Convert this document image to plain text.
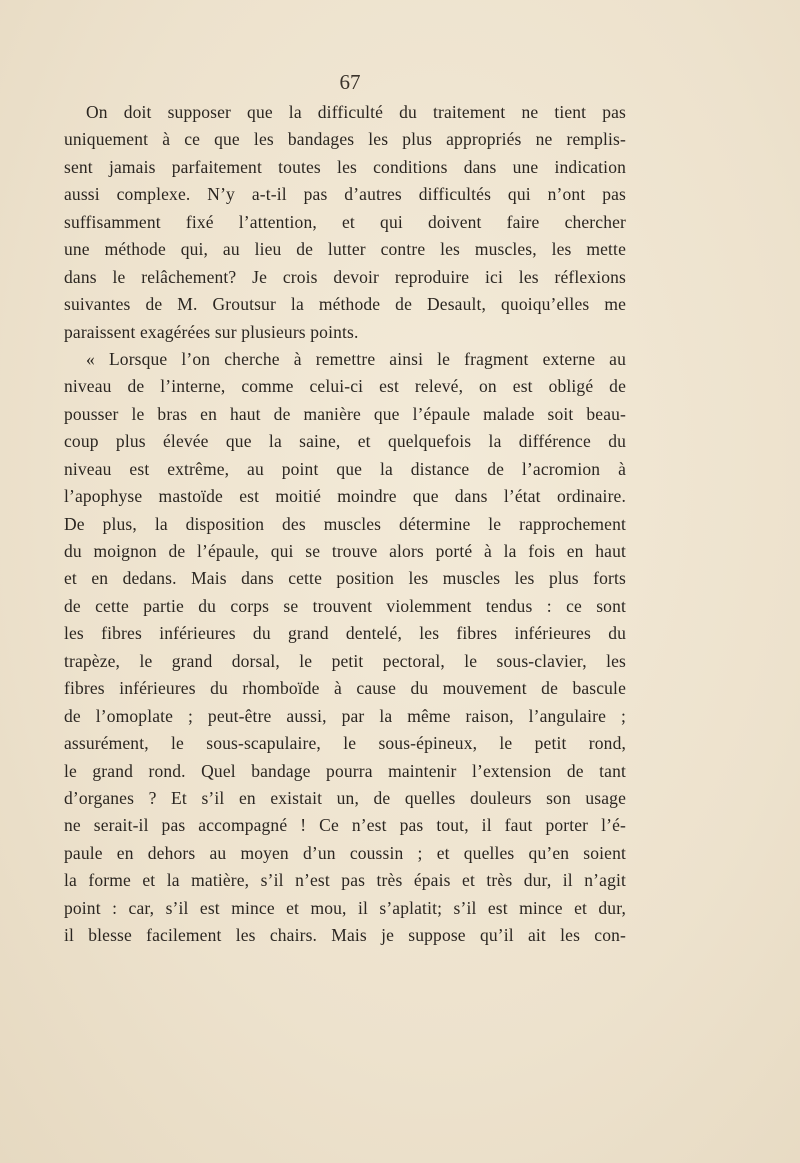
67
On doit supposer que la difficulté du traitement ne tient pas
uniquement à ce que les bandages les plus appropriés ne remplis-
sent jamais parfaitement toutes les conditions dans une indication
aussi complexe. N’y a-t-il pas d’autres difficultés qui n’ont pas
suffisamment fixé l’attention, et qui doivent faire chercher
une méthode qui, au lieu de lutter contre les muscles, les mette
dans le relâchement? Je crois devoir reproduire ici les réflexions
suivantes de M. Groutsur la méthode de Desault, quoiqu’elles me
paraissent exagérées sur plusieurs points.
« Lorsque l’on cherche à remettre ainsi le fragment externe au
niveau de l’interne, comme celui-ci est relevé, on est obligé de
pousser le bras en haut de manière que l’épaule malade soit beau-
coup plus élevée que la saine, et quelquefois la différence du
niveau est extrême, au point que la distance de l’acromion à
l’apophyse mastoïde est moitié moindre que dans l’état ordinaire.
De plus, la disposition des muscles détermine le rapprochement
du moignon de l’épaule, qui se trouve alors porté à la fois en haut
et en dedans. Mais dans cette position les muscles les plus forts
de cette partie du corps se trouvent violemment tendus : ce sont
les fibres inférieures du grand dentelé, les fibres inférieures du
trapèze, le grand dorsal, le petit pectoral, le sous-clavier, les
fibres inférieures du rhomboïde à cause du mouvement de bascule
de l’omoplate ; peut-être aussi, par la même raison, l’angulaire ;
assurément, le sous-scapulaire, le sous-épineux, le petit rond,
le grand rond. Quel bandage pourra maintenir l’extension de tant
d’organes ? Et s’il en existait un, de quelles douleurs son usage
ne serait-il pas accompagné ! Ce n’est pas tout, il faut porter l’é-
paule en dehors au moyen d’un coussin ; et quelles qu’en soient
la forme et la matière, s’il n’est pas très épais et très dur, il n’agit
point : car, s’il est mince et mou, il s’aplatit; s’il est mince et dur,
il blesse facilement les chairs. Mais je suppose qu’il ait les con-
